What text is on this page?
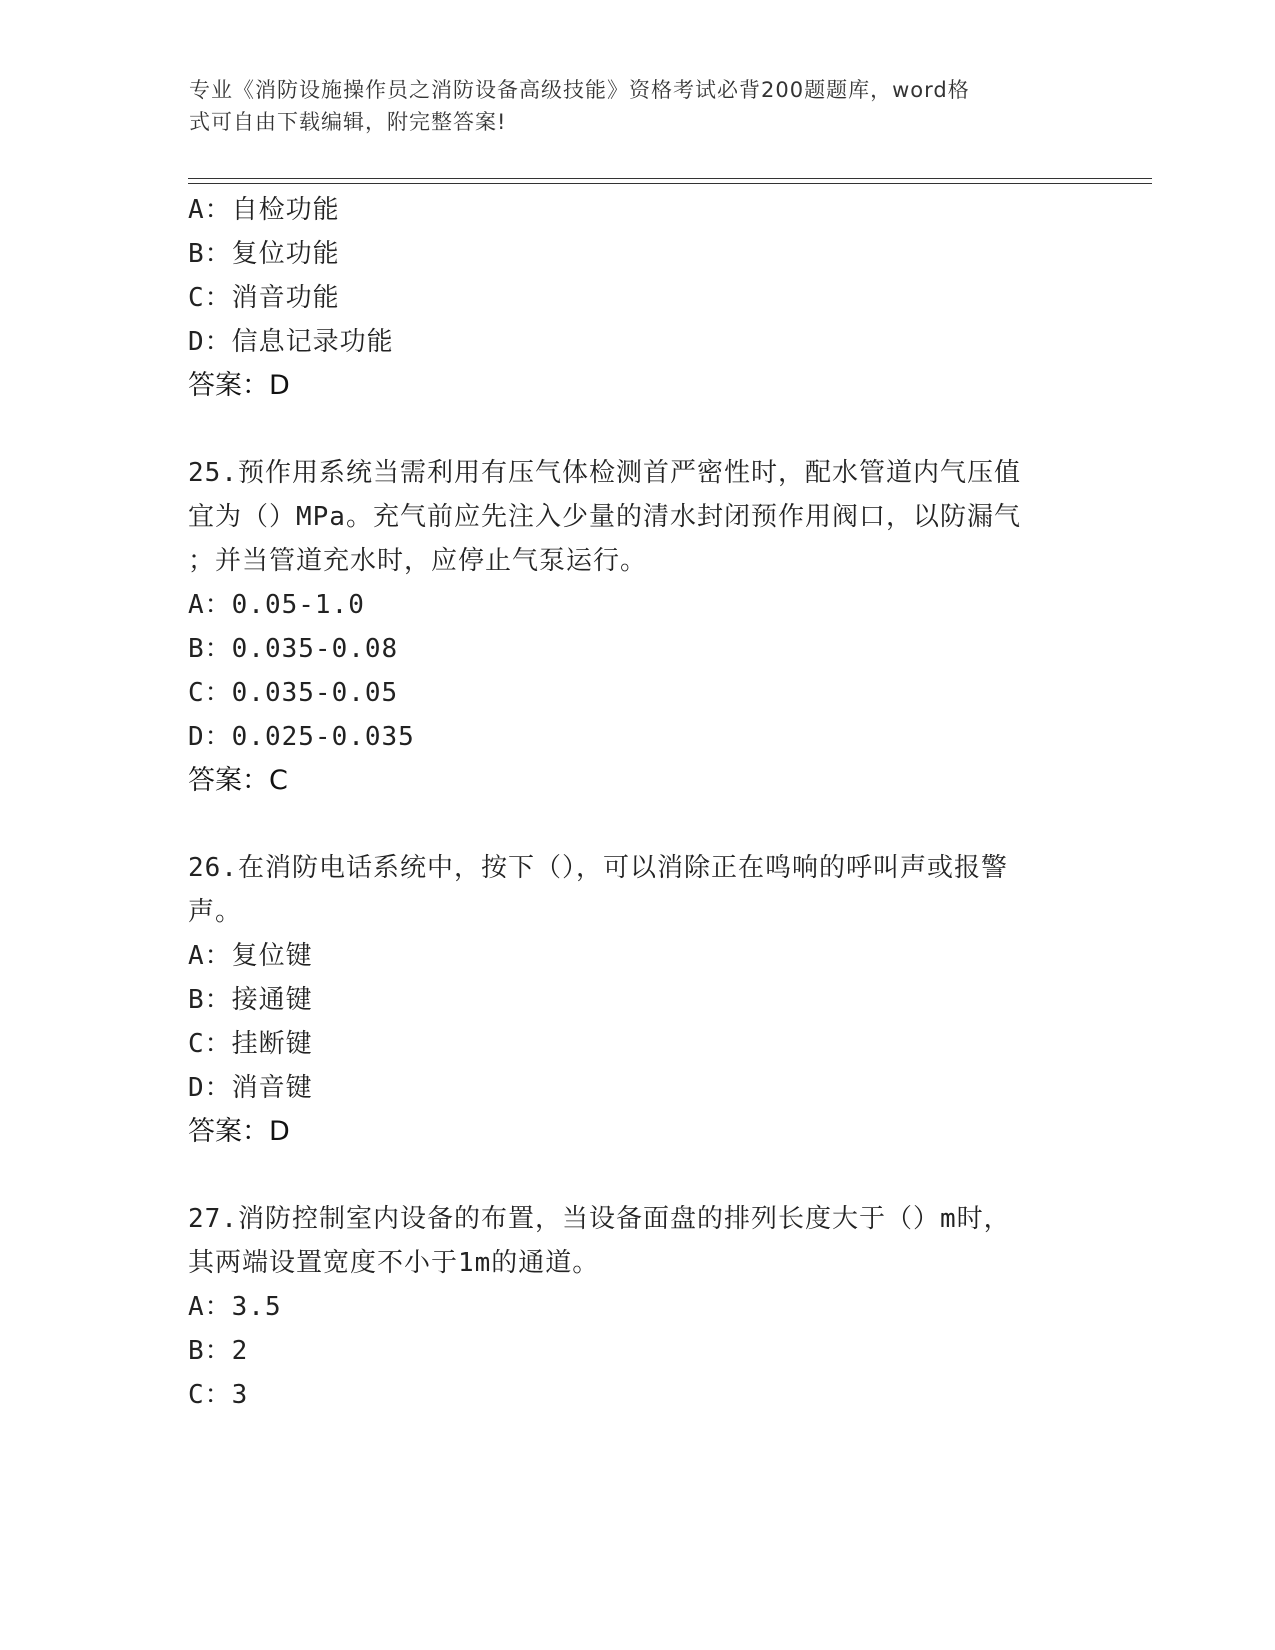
专业《消防设施操作员之消防设备高级技能》资格考试必背200题题库，word格
式可自由下载编辑，附完整答案!
A：自检功能
B：复位功能
C：消音功能
D：信息记录功能
答案：D
25.预作用系统当需利用有压气体检测首严密性时，配水管道内气压值
宜为（）MPa。充气前应先注入少量的清水封闭预作用阀口，以防漏气
；并当管道充水时，应停止气泵运行。
A：0.05-1.0
B：0.035-0.08
C：0.035-0.05
D：0.025-0.035
答案：C
26.在消防电话系统中，按下（），可以消除正在鸣响的呼叫声或报警
声。
A：复位键
B：接通键
C：挂断键
D：消音键
答案：D
27.消防控制室内设备的布置，当设备面盘的排列长度大于（）m时，
其两端设置宽度不小于1m的通道。
A：3.5
B：2
C：3
